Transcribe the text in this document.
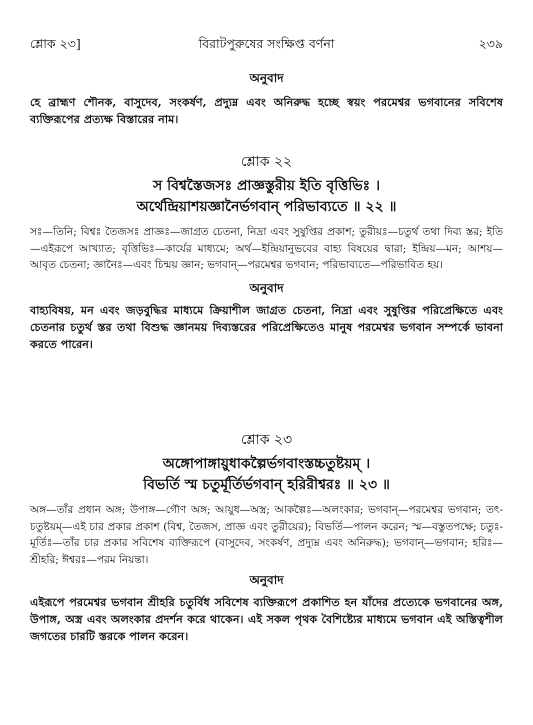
শ্লোক ২৩]	বিরাটপুরুষের সংক্ষিপ্ত বর্ণনা	২৩৯

অনুবাদ

হে ব্রাহ্মণ শৌনক, বাসুদেব, সংকর্ষণ, প্রদ্যুম্ন এবং অনিরুদ্ধ হচ্ছে স্বয়ং পরমেশ্বর ভগবানের সবিশেষ ব্যক্তিরূপের প্রত্যক্ষ বিস্তারের নাম।

শ্লোক ২২

স বিশ্বস্তৈজসঃ প্রাজ্ঞস্তুরীয় ইতি বৃত্তিভিঃ ।

অর্থেন্দ্রিয়াশয়জ্ঞানৈর্ভগবান্ পরিভাব্যতে ॥ ২২ ॥

সঃ—তিনি; বিশ্বঃ তৈজসঃ প্রাজ্ঞঃ—জাগ্রত চেতনা, নিদ্রা এবং সুষুপ্তির প্রকাশ; তুরীয়ঃ—চতুর্থ তথা দিব্য স্তর; ইতি—এইরূপে আখ্যাত; বৃত্তিভিঃ—কার্যের মাধ্যমে; অর্থ—ইন্দ্রিয়ানুভবের বাহ্য বিষয়ের দ্বারা; ইন্দ্রিয়—মন; আশয়—আবৃত চেতনা; জ্ঞানৈঃ—এবং চিন্ময় জ্ঞান; ভগবান্—পরমেশ্বর ভগবান; পরিভাব্যতে—পরিভাবিত হয়।

অনুবাদ

বাহ্যবিষয়, মন এবং জড়বুদ্ধির মাধ্যমে ক্রিয়াশীল জাগ্রত চেতনা, নিদ্রা এবং সুষুপ্তির পরিপ্রেক্ষিতে এবং চেতনার চতুর্থ স্তর তথা বিশুদ্ধ জ্ঞানময় দিব্যস্তরের পরিপ্রেক্ষিতেও মানুষ পরমেশ্বর ভগবান সম্পর্কে ভাবনা করতে পারেন।

শ্লোক ২৩

অঙ্গোপাঙ্গায়ুধাকল্পৈর্ভগবাংস্তচ্চতুষ্টয়ম্ ।

বিভর্তি স্ম চতুর্মূর্তির্ভগবান্ হরিরীশ্বরঃ ॥ ২৩ ॥

অঙ্গ—তাঁর প্রধান অঙ্গ; উপাঙ্গ—গৌণ অঙ্গ; আয়ুধ—অস্ত্র; আকল্পৈঃ—অলংকার; ভগবান্—পরমেশ্বর ভগবান; তৎ-চতুষ্টয়ম্—এই চার প্রকার প্রকাশ (বিশ্ব, তৈজস, প্রাজ্ঞ এবং তুরীয়ের); বিভর্তি—পালন করেন; স্ম—বস্তুতপক্ষে; চতুঃ-মূর্তিঃ—তাঁর চার প্রকার সবিশেষ ব্যক্তিরূপে (বাসুদেব, সংকর্ষণ, প্রদ্যুম্ন এবং অনিরুদ্ধ); ভগবান্—ভগবান; হরিঃ—শ্রীহরি; ঈশ্বরঃ—পরম নিয়ন্তা।

অনুবাদ

এইরূপে পরমেশ্বর ভগবান শ্রীহরি চতুর্বিধ সবিশেষ ব্যক্তিরূপে প্রকাশিত হন যাঁদের প্রত্যেকে ভগবানের অঙ্গ, উপাঙ্গ, অস্ত্র এবং অলংকার প্রদর্শন করে থাকেন। এই সকল পৃথক বৈশিষ্ট্যের মাধ্যমে ভগবান এই অস্তিত্বশীল জগতের চারটি স্তরকে পালন করেন।
